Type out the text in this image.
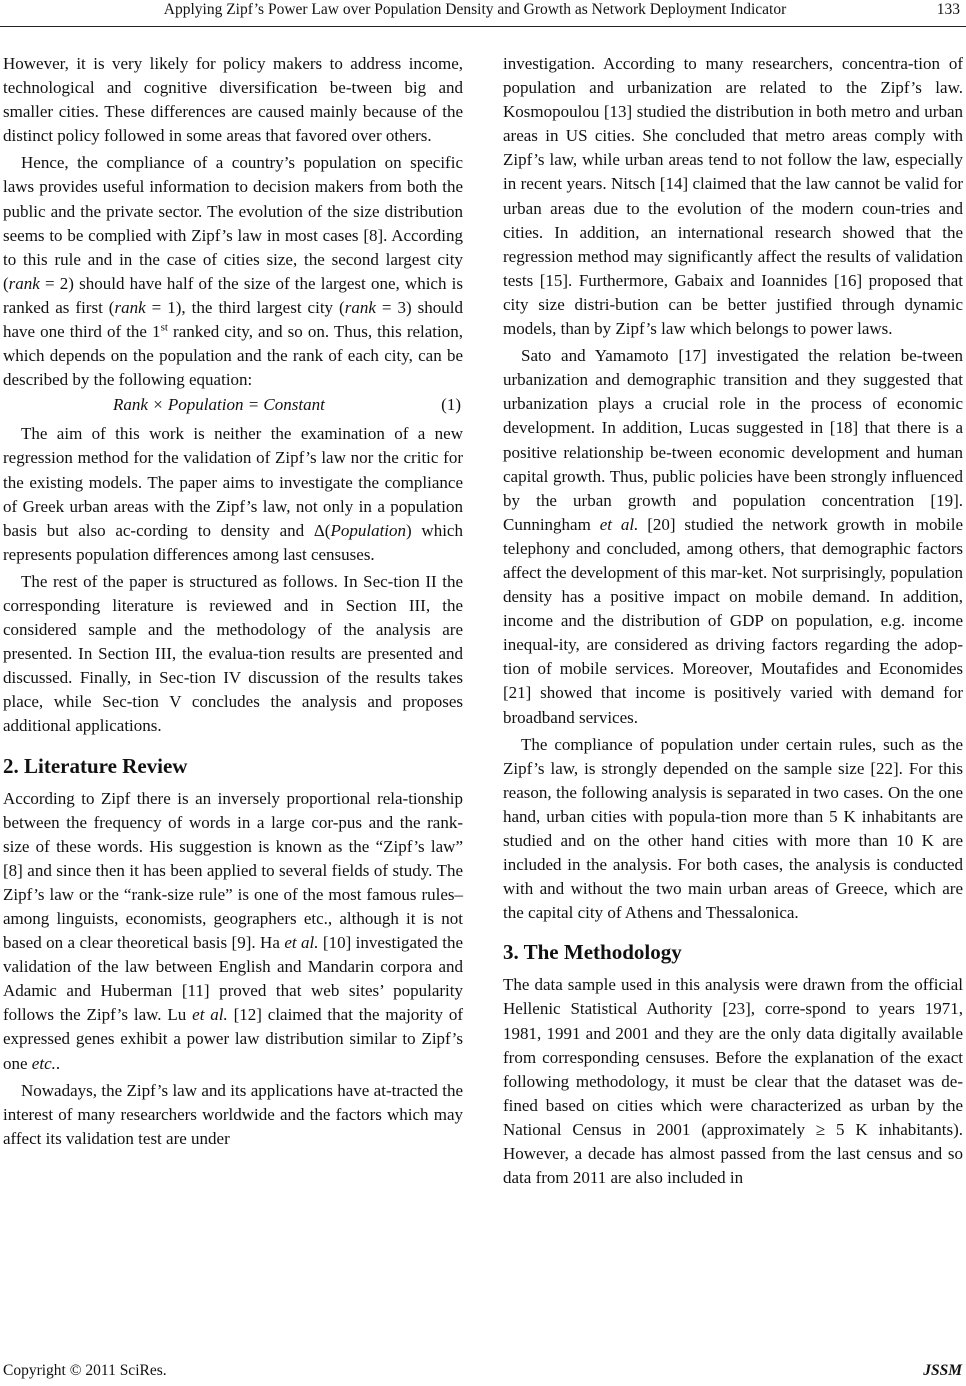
Applying Zipf’s Power Law over Population Density and Growth as Network Deployment Indicator	133

However, it is very likely for policy makers to address income, technological and cognitive diversification be-tween big and smaller cities. These differences are caused mainly because of the distinct policy followed in some areas that favored over others.

Hence, the compliance of a country’s population on specific laws provides useful information to decision makers from both the public and the private sector. The evolution of the size distribution seems to be complied with Zipf’s law in most cases [8]. According to this rule and in the case of cities size, the second largest city (rank = 2) should have half of the size of the largest one, which is ranked as first (rank = 1), the third largest city (rank = 3) should have one third of the 1st ranked city, and so on. Thus, this relation, which depends on the population and the rank of each city, can be described by the following equation:

Rank × Population = Constant	(1)

The aim of this work is neither the examination of a new regression method for the validation of Zipf’s law nor the critic for the existing models. The paper aims to investigate the compliance of Greek urban areas with the Zipf’s law, not only in a population basis but also ac-cording to density and Δ(Population) which represents population differences among last censuses.

The rest of the paper is structured as follows. In Sec-tion II the corresponding literature is reviewed and in Section III, the considered sample and the methodology of the analysis are presented. In Section III, the evalua-tion results are presented and discussed. Finally, in Sec-tion IV discussion of the results takes place, while Sec-tion V concludes the analysis and proposes additional applications.

2. Literature Review

According to Zipf there is an inversely proportional rela-tionship between the frequency of words in a large cor-pus and the rank-size of these words. His suggestion is known as the “Zipf’s law” [8] and since then it has been applied to several fields of study. The Zipf’s law or the “rank-size rule” is one of the most famous rules–among linguists, economists, geographers etc., although it is not based on a clear theoretical basis [9]. Ha et al. [10] investigated the validation of the law between English and Mandarin corpora and Adamic and Huberman [11] proved that web sites’ popularity follows the Zipf’s law. Lu et al. [12] claimed that the majority of expressed genes exhibit a power law distribution similar to Zipf’s one etc..

Nowadays, the Zipf’s law and its applications have at-tracted the interest of many researchers worldwide and the factors which may affect its validation test are under

investigation. According to many researchers, concentra-tion of population and urbanization are related to the Zipf’s law. Kosmopoulou [13] studied the distribution in both metro and urban areas in US cities. She concluded that metro areas comply with Zipf’s law, while urban areas tend to not follow the law, especially in recent years. Nitsch [14] claimed that the law cannot be valid for urban areas due to the evolution of the modern coun-tries and cities. In addition, an international research showed that the regression method may significantly affect the results of validation tests [15]. Furthermore, Gabaix and Ioannides [16] proposed that city size distri-bution can be better justified through dynamic models, than by Zipf’s law which belongs to power laws.

Sato and Yamamoto [17] investigated the relation be-tween urbanization and demographic transition and they suggested that urbanization plays a crucial role in the process of economic development. In addition, Lucas suggested in [18] that there is a positive relationship be-tween economic development and human capital growth. Thus, public policies have been strongly influenced by the urban growth and population concentration [19]. Cunningham et al. [20] studied the network growth in mobile telephony and concluded, among others, that demographic factors affect the development of this mar-ket. Not surprisingly, population density has a positive impact on mobile demand. In addition, income and the distribution of GDP on population, e.g. income inequal-ity, are considered as driving factors regarding the adop-tion of mobile services. Moreover, Moutafides and Economides [21] showed that income is positively varied with demand for broadband services.

The compliance of population under certain rules, such as the Zipf’s law, is strongly depended on the sample size [22]. For this reason, the following analysis is separated in two cases. On the one hand, urban cities with popula-tion more than 5 K inhabitants are studied and on the other hand cities with more than 10 K are included in the analysis. For both cases, the analysis is conducted with and without the two main urban areas of Greece, which are the capital city of Athens and Thessalonica.

3. The Methodology

The data sample used in this analysis were drawn from the official Hellenic Statistical Authority [23], corre-spond to years 1971, 1981, 1991 and 2001 and they are the only data digitally available from corresponding censuses. Before the explanation of the exact following methodology, it must be clear that the dataset was de-fined based on cities which were characterized as urban by the National Census in 2001 (approximately ≥ 5 K inhabitants). However, a decade has almost passed from the last census and so data from 2011 are also included in

Copyright © 2011 SciRes.	JSSM
